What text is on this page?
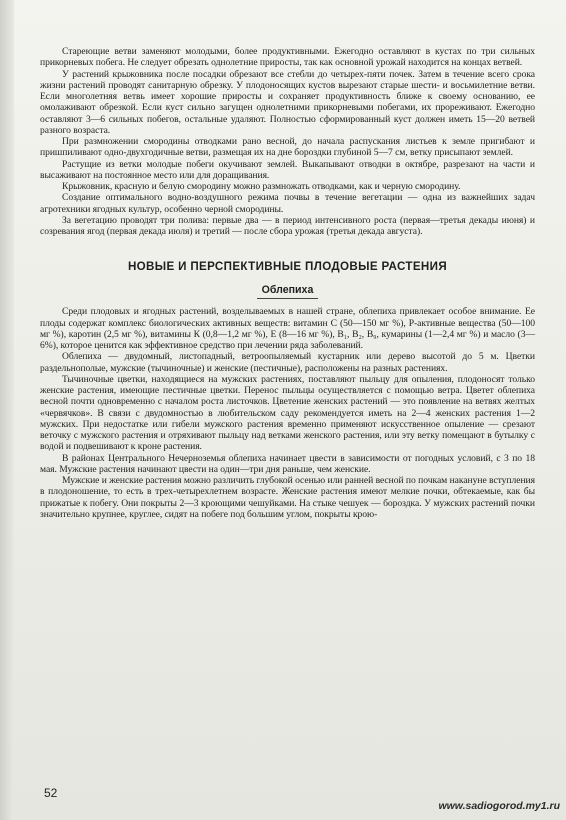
Стареющие ветви заменяют молодыми, более продуктивными. Ежегодно оставляют в кустах по три сильных прикорневых побега. Не следует обрезать однолетние приросты, так как основной урожай находится на концах ветвей.

У растений крыжовника после посадки обрезают все стебли до четырех-пяти почек. Затем в течение всего срока жизни растений проводят санитарную обрезку. У плодоносящих кустов вырезают старые шести- и восьмилетние ветви. Если многолетняя ветвь имеет хорошие приросты и сохраняет продуктивность ближе к своему основанию, ее омолаживают обрезкой. Если куст сильно загущен однолетними прикорневыми побегами, их прореживают. Ежегодно оставляют 3—6 сильных побегов, остальные удаляют. Полностью сформированный куст должен иметь 15—20 ветвей разного возраста.

При размножении смородины отводками рано весной, до начала распускания листьев к земле пригибают и пришпиливают одно-двухгодичные ветви, размещая их на дне бороздки глубиной 5—7 см, ветку присыпают землей.

Растущие из ветки молодые побеги окучивают землей. Выкапывают отводки в октябре, разрезают на части и высаживают на постоянное место или для доращивания.

Крыжовник, красную и белую смородину можно размножать отводками, как и черную смородину.

Создание оптимального водно-воздушного режима почвы в течение вегетации — одна из важнейших задач агротехники ягодных культур, особенно черной смородины.

За вегетацию проводят три полива: первые два — в период интенсивного роста (первая—третья декады июня) и созревания ягод (первая декада июля) и третий — после сбора урожая (третья декада августа).

НОВЫЕ И ПЕРСПЕКТИВНЫЕ ПЛОДОВЫЕ РАСТЕНИЯ
Облепиха

Среди плодовых и ягодных растений, возделываемых в нашей стране, облепиха привлекает особое внимание. Ее плоды содержат комплекс биологических активных веществ: витамин С (50—150 мг %), Р-активные вещества (50—100 мг %), каротин (2,5 мг %), витамины К (0,8—1,2 мг %), Е (8—16 мг %), В₁, В₂, В₉, кумарины (1—2,4 мг %) и масло (3—6%), которое ценится как эффективное средство при лечении ряда заболеваний.

Облепиха — двудомный, листопадный, ветроопыляемый кустарник или дерево высотой до 5 м. Цветки раздельнополые, мужские (тычиночные) и женские (пестичные), расположены на разных растениях.

Тычиночные цветки, находящиеся на мужских растениях, поставляют пыльцу для опыления, плодоносят только женские растения, имеющие пестичные цветки. Перенос пыльцы осуществляется с помощью ветра. Цветет облепиха весной почти одновременно с началом роста листочков. Цветение женских растений — это появление на ветвях желтых «червячков». В связи с двудомностью в любительском саду рекомендуется иметь на 2—4 женских растения 1—2 мужских. При недостатке или гибели мужского растения временно применяют искусственное опыление — срезают веточку с мужского растения и отряхивают пыльцу над ветками женского растения, или эту ветку помещают в бутылку с водой и подвешивают к кроне растения.

В районах Центрального Нечерноземья облепиха начинает цвести в зависимости от погодных условий, с 3 по 18 мая. Мужские растения начинают цвести на один—три дня раньше, чем женские.

Мужские и женские растения можно различить глубокой осенью или ранней весной по почкам накануне вступления в плодоношение, то есть в трех-четырехлетнем возрасте. Женские растения имеют мелкие почки, обтекаемые, как бы прижатые к побегу. Они покрыты 2—3 кроющими чешуйками. На стыке чешуек — бороздка. У мужских растений почки значительно крупнее, круглее, сидят на побеге под большим углом, покрыты крою-

52
www.sadiogorod.my1.ru
